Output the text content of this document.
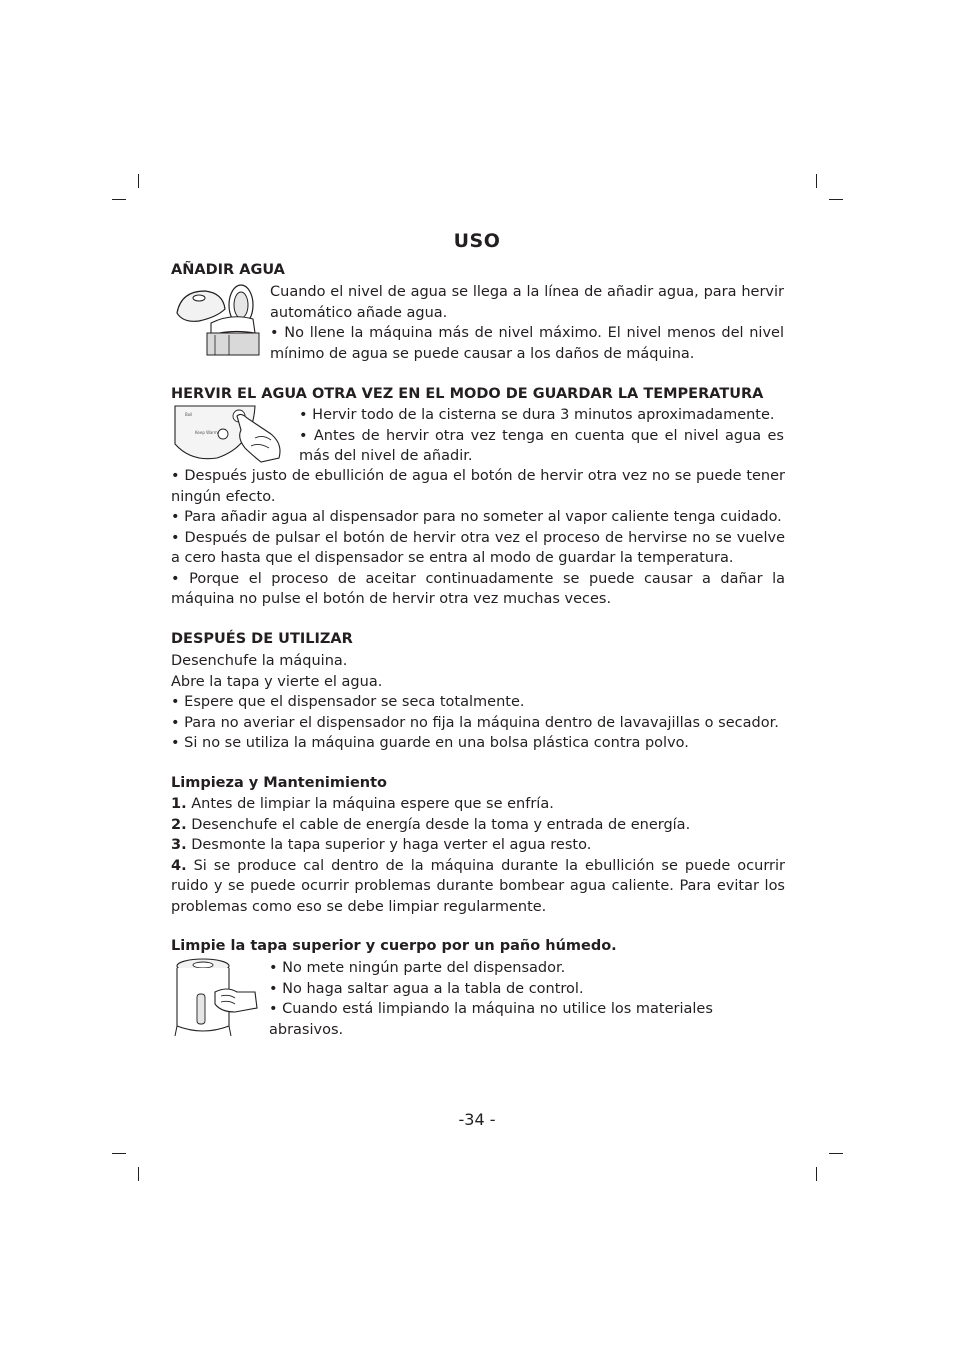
USO
AÑADIR AGUA
Cuando el nivel de agua se llega a la línea de añadir agua, para hervir automático añade agua.
• No llene la máquina más de nivel máximo. El nivel menos del nivel mínimo de agua se puede causar a los daños de máquina.
HERVIR EL AGUA OTRA VEZ EN EL MODO DE GUARDAR LA TEMPERATURA
Boil
Keep Warm
• Hervir todo de la cisterna se dura 3 minutos aproximadamente.
• Antes de hervir otra vez tenga en cuenta que el nivel agua es más del nivel de añadir.
• Después justo de ebullición de agua el botón de hervir otra vez no se puede tener ningún efecto.
• Para añadir agua al dispensador para no someter al vapor caliente tenga cuidado.
• Después de pulsar el botón de hervir otra vez el proceso de hervirse no se vuelve a cero hasta que el dispensador se entra al modo de guardar la temperatura.
• Porque el proceso de aceitar continuadamente se puede causar a dañar la máquina no pulse el botón de hervir otra vez muchas veces.
DESPUÉS DE UTILIZAR
Desenchufe la máquina.
Abre la tapa y vierte el agua.
• Espere que el dispensador se seca totalmente.
• Para no averiar el dispensador no fija la máquina dentro de lavavajillas o secador.
• Si no se utiliza la máquina guarde en una bolsa plástica contra polvo.
Limpieza y Mantenimiento
1. Antes de limpiar la máquina espere que se enfría.
2. Desenchufe el cable de energía desde la toma y entrada de energía.
3. Desmonte la tapa superior y haga verter el agua resto.
4. Si se produce cal dentro de la máquina durante la ebullición se puede ocurrir ruido y se puede ocurrir problemas durante bombear agua caliente. Para evitar los problemas como eso se debe limpiar regularmente.
Limpie la tapa superior y cuerpo por un paño húmedo.
• No mete ningún parte del dispensador.
• No haga saltar agua a la tabla de control.
• Cuando está limpiando la máquina no utilice los materiales abrasivos.
-34 -
